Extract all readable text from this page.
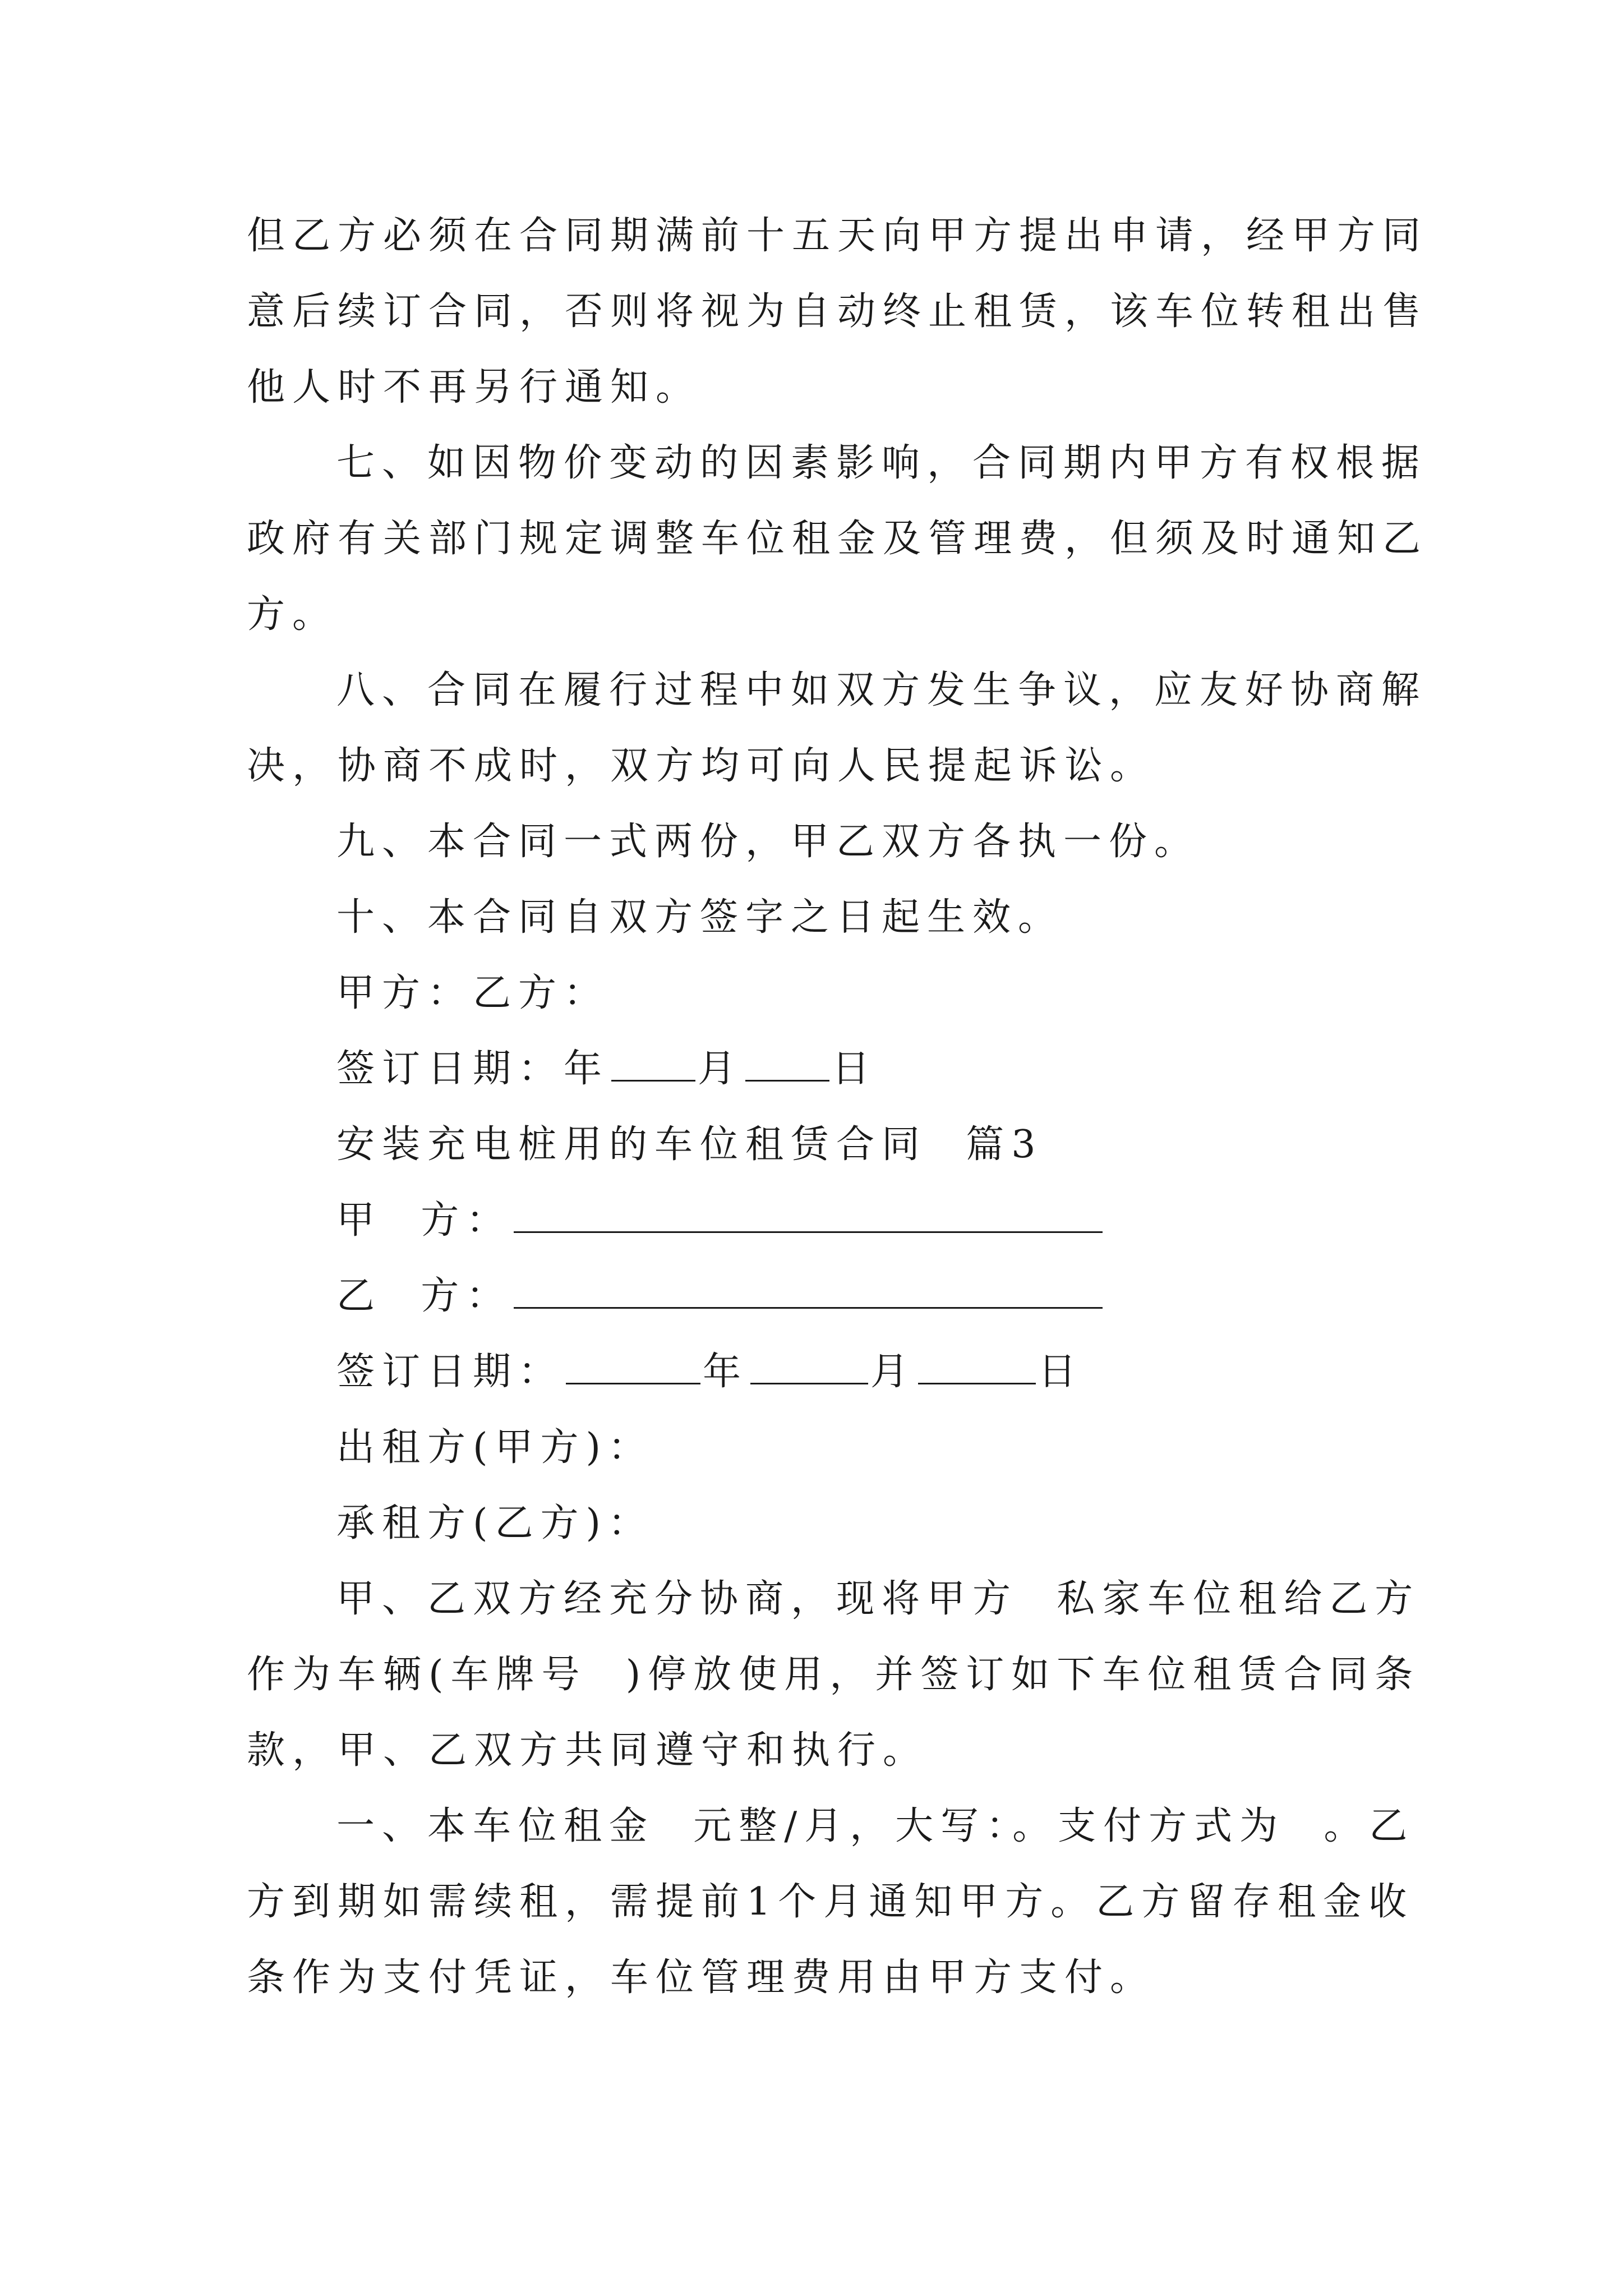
但乙方必须在合同期满前十五天向甲方提出申请，经甲方同
意后续订合同，否则将视为自动终止租赁，该车位转租出售
他人时不再另行通知。
七、如因物价变动的因素影响，合同期内甲方有权根据
政府有关部门规定调整车位租金及管理费，但须及时通知乙
方。
八、合同在履行过程中如双方发生争议，应友好协商解
决，协商不成时，双方均可向人民提起诉讼。
九、本合同一式两份，甲乙双方各执一份。
十、本合同自双方签字之日起生效。
甲方：乙方：
签订日期：年 月 日
安装充电桩用的车位租赁合同  篇3
甲  方：
乙  方：
签订日期：	年	月	日
出租方(甲方)：
承租方(乙方)：
甲、乙双方经充分协商，现将甲方  私家车位租给乙方
作为车辆(车牌号  )停放使用，并签订如下车位租赁合同条
款，甲、乙双方共同遵守和执行。
一、本车位租金  元整/月，大写：。支付方式为  。乙
方到期如需续租，需提前1个月通知甲方。乙方留存租金收
条作为支付凭证，车位管理费用由甲方支付。
